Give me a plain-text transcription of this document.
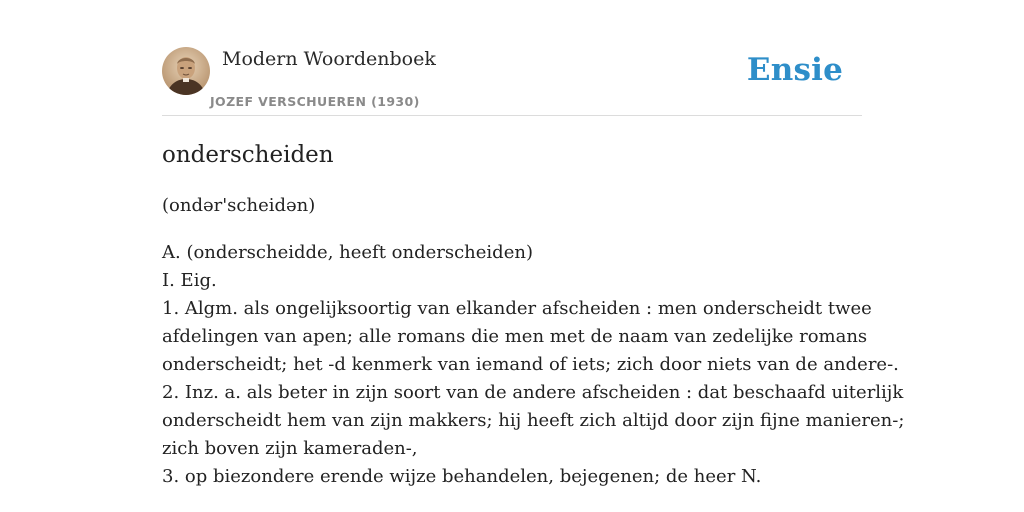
Modern Woordenboek
JOZEF VERSCHUEREN (1930)
Ensie
onderscheiden
(ondər'scheidən)
A. (onderscheidde, heeft onderscheiden)
I. Eig.
1. Algm. als ongelijksoortig van elkander afscheiden : men onderscheidt twee
afdelingen van apen; alle romans die men met de naam van zedelijke romans
onderscheidt; het -d kenmerk van iemand of iets; zich door niets van de andere-.
2. Inz. a. als beter in zijn soort van de andere afscheiden : dat beschaafd uiterlijk
onderscheidt hem van zijn makkers; hij heeft zich altijd door zijn fijne manieren-;
zich boven zijn kameraden-,
3. op biezondere erende wijze behandelen, bejegenen; de heer N.
